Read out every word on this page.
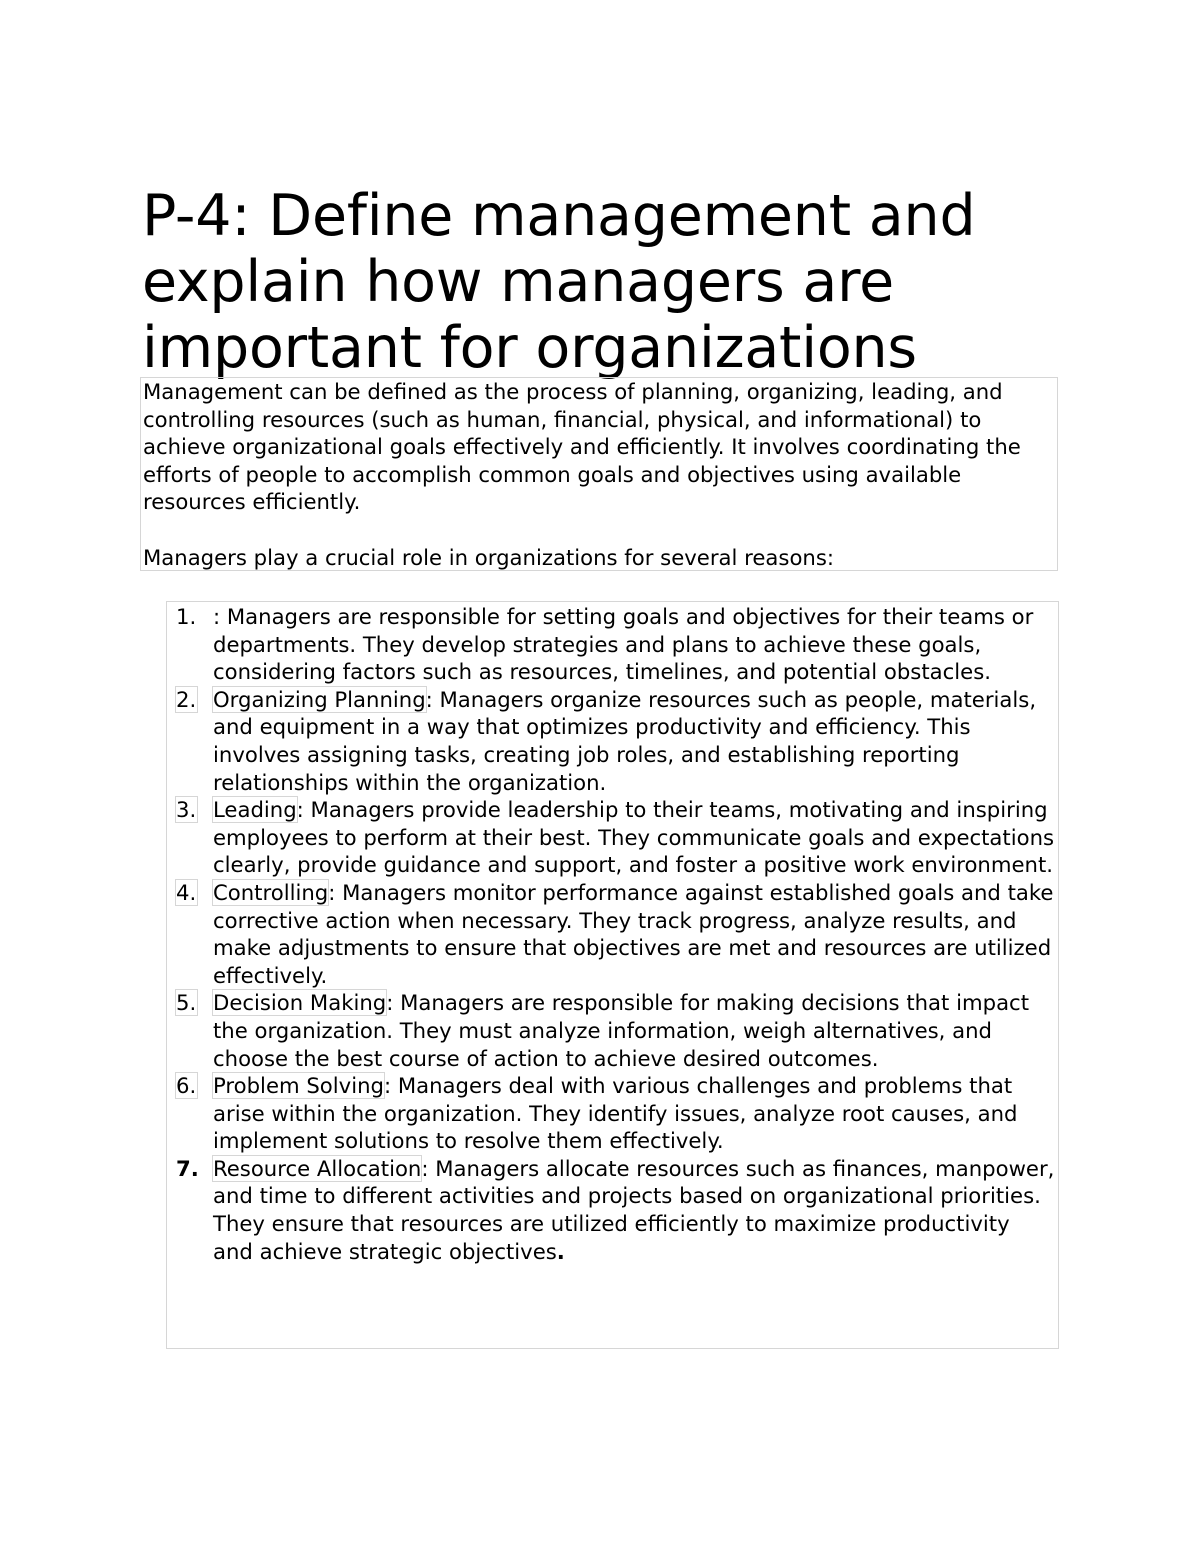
P-4: Define management and explain how managers are important for organizations

Management can be defined as the process of planning, organizing, leading, and controlling resources (such as human, financial, physical, and informational) to achieve organizational goals effectively and efficiently. It involves coordinating the efforts of people to accomplish common goals and objectives using available resources efficiently.

Managers play a crucial role in organizations for several reasons:

1. : Managers are responsible for setting goals and objectives for their teams or departments. They develop strategies and plans to achieve these goals, considering factors such as resources, timelines, and potential obstacles.
2. Organizing Planning: Managers organize resources such as people, materials, and equipment in a way that optimizes productivity and efficiency. This involves assigning tasks, creating job roles, and establishing reporting relationships within the organization.
3. Leading: Managers provide leadership to their teams, motivating and inspiring employees to perform at their best. They communicate goals and expectations clearly, provide guidance and support, and foster a positive work environment.
4. Controlling: Managers monitor performance against established goals and take corrective action when necessary. They track progress, analyze results, and make adjustments to ensure that objectives are met and resources are utilized effectively.
5. Decision Making: Managers are responsible for making decisions that impact the organization. They must analyze information, weigh alternatives, and choose the best course of action to achieve desired outcomes.
6. Problem Solving: Managers deal with various challenges and problems that arise within the organization. They identify issues, analyze root causes, and implement solutions to resolve them effectively.
7. Resource Allocation: Managers allocate resources such as finances, manpower, and time to different activities and projects based on organizational priorities. They ensure that resources are utilized efficiently to maximize productivity and achieve strategic objectives.
